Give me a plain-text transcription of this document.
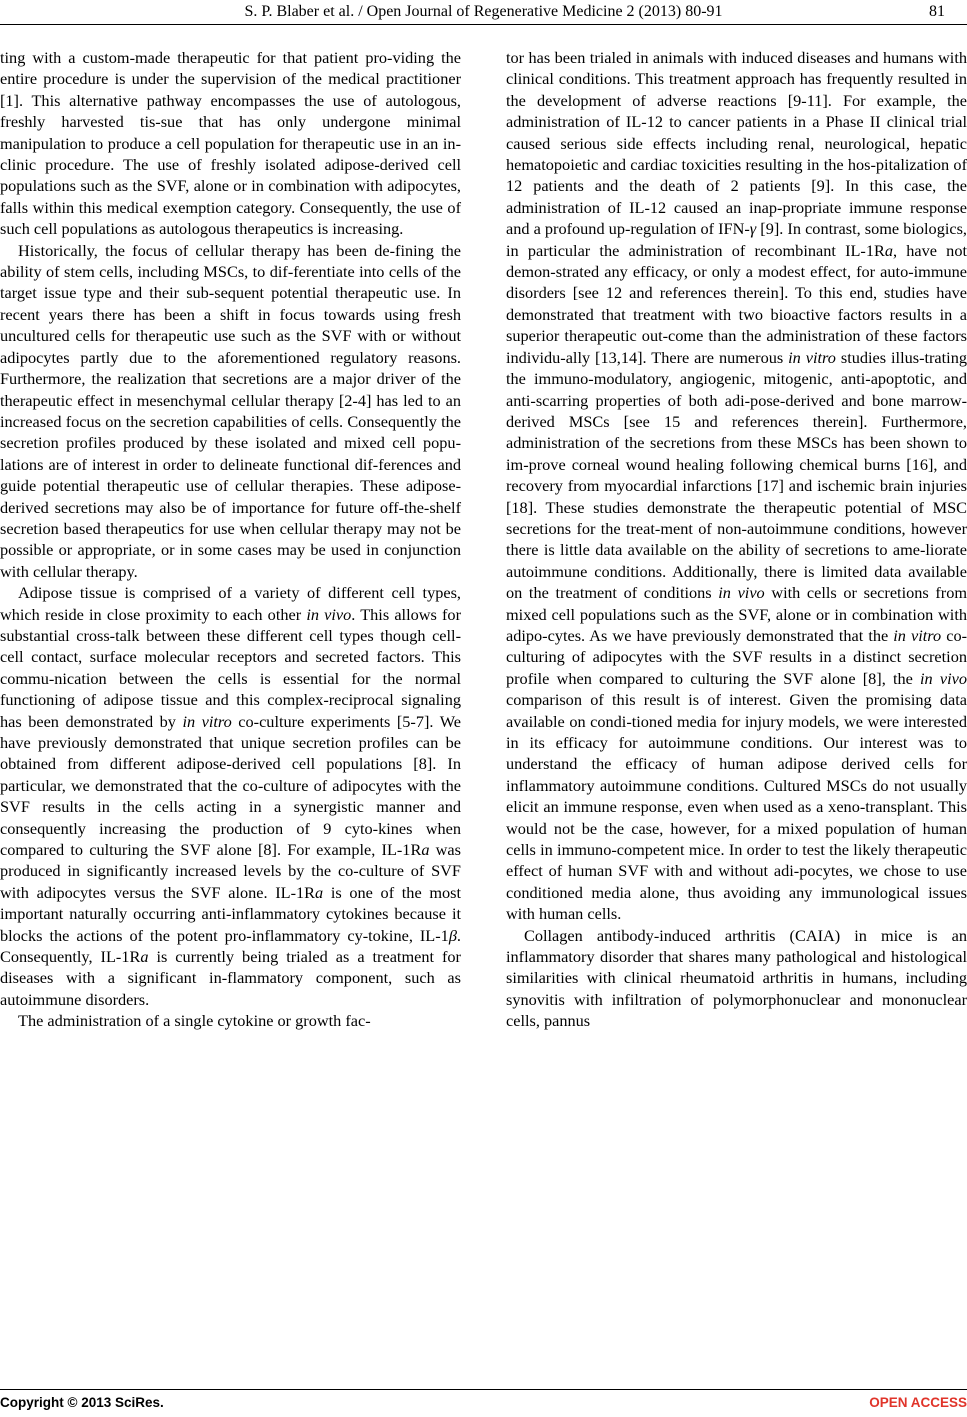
S. P. Blaber et al. / Open Journal of Regenerative Medicine 2 (2013) 80-91	81

ting with a custom-made therapeutic for that patient pro-viding the entire procedure is under the supervision of the medical practitioner [1]. This alternative pathway encompasses the use of autologous, freshly harvested tis-sue that has only undergone minimal manipulation to produce a cell population for therapeutic use in an in-clinic procedure. The use of freshly isolated adipose-derived cell populations such as the SVF, alone or in combination with adipocytes, falls within this medical exemption category. Consequently, the use of such cell populations as autologous therapeutics is increasing.

Historically, the focus of cellular therapy has been de-fining the ability of stem cells, including MSCs, to dif-ferentiate into cells of the target issue type and their sub-sequent potential therapeutic use. In recent years there has been a shift in focus towards using fresh uncultured cells for therapeutic use such as the SVF with or without adipocytes partly due to the aforementioned regulatory reasons. Furthermore, the realization that secretions are a major driver of the therapeutic effect in mesenchymal cellular therapy [2-4] has led to an increased focus on the secretion capabilities of cells. Consequently the secretion profiles produced by these isolated and mixed cell popu-lations are of interest in order to delineate functional dif-ferences and guide potential therapeutic use of cellular therapies. These adipose-derived secretions may also be of importance for future off-the-shelf secretion based therapeutics for use when cellular therapy may not be possible or appropriate, or in some cases may be used in conjunction with cellular therapy.

Adipose tissue is comprised of a variety of different cell types, which reside in close proximity to each other in vivo. This allows for substantial cross-talk between these different cell types though cell-cell contact, surface molecular receptors and secreted factors. This commu-nication between the cells is essential for the normal functioning of adipose tissue and this complex-reciprocal signaling has been demonstrated by in vitro co-culture experiments [5-7]. We have previously demonstrated that unique secretion profiles can be obtained from different adipose-derived cell populations [8]. In particular, we demonstrated that the co-culture of adipocytes with the SVF results in the cells acting in a synergistic manner and consequently increasing the production of 9 cyto-kines when compared to culturing the SVF alone [8]. For example, IL-1Ra was produced in significantly increased levels by the co-culture of SVF with adipocytes versus the SVF alone. IL-1Ra is one of the most important naturally occurring anti-inflammatory cytokines because it blocks the actions of the potent pro-inflammatory cy-tokine, IL-1β. Consequently, IL-1Ra is currently being trialed as a treatment for diseases with a significant in-flammatory component, such as autoimmune disorders.

The administration of a single cytokine or growth fac-

tor has been trialed in animals with induced diseases and humans with clinical conditions. This treatment approach has frequently resulted in the development of adverse reactions [9-11]. For example, the administration of IL-12 to cancer patients in a Phase II clinical trial caused serious side effects including renal, neurological, hepatic hematopoietic and cardiac toxicities resulting in the hos-pitalization of 12 patients and the death of 2 patients [9]. In this case, the administration of IL-12 caused an inap-propriate immune response and a profound up-regulation of IFN-γ [9]. In contrast, some biologics, in particular the administration of recombinant IL-1Ra, have not demon-strated any efficacy, or only a modest effect, for auto-immune disorders [see 12 and references therein]. To this end, studies have demonstrated that treatment with two bioactive factors results in a superior therapeutic out-come than the administration of these factors individu-ally [13,14]. There are numerous in vitro studies illus-trating the immuno-modulatory, angiogenic, mitogenic, anti-apoptotic, and anti-scarring properties of both adi-pose-derived and bone marrow-derived MSCs [see 15 and references therein]. Furthermore, administration of the secretions from these MSCs has been shown to im-prove corneal wound healing following chemical burns [16], and recovery from myocardial infarctions [17] and ischemic brain injuries [18]. These studies demonstrate the therapeutic potential of MSC secretions for the treat-ment of non-autoimmune conditions, however there is little data available on the ability of secretions to ame-liorate autoimmune conditions. Additionally, there is limited data available on the treatment of conditions in vivo with cells or secretions from mixed cell populations such as the SVF, alone or in combination with adipo-cytes. As we have previously demonstrated that the in vitro co-culturing of adipocytes with the SVF results in a distinct secretion profile when compared to culturing the SVF alone [8], the in vivo comparison of this result is of interest. Given the promising data available on condi-tioned media for injury models, we were interested in its efficacy for autoimmune conditions. Our interest was to understand the efficacy of human adipose derived cells for inflammatory autoimmune conditions. Cultured MSCs do not usually elicit an immune response, even when used as a xeno-transplant. This would not be the case, however, for a mixed population of human cells in immuno-competent mice. In order to test the likely therapeutic effect of human SVF with and without adi-pocytes, we chose to use conditioned media alone, thus avoiding any immunological issues with human cells.

Collagen antibody-induced arthritis (CAIA) in mice is an inflammatory disorder that shares many pathological and histological similarities with clinical rheumatoid arthritis in humans, including synovitis with infiltration of polymorphonuclear and mononuclear cells, pannus

Copyright © 2013 SciRes.	OPEN ACCESS
